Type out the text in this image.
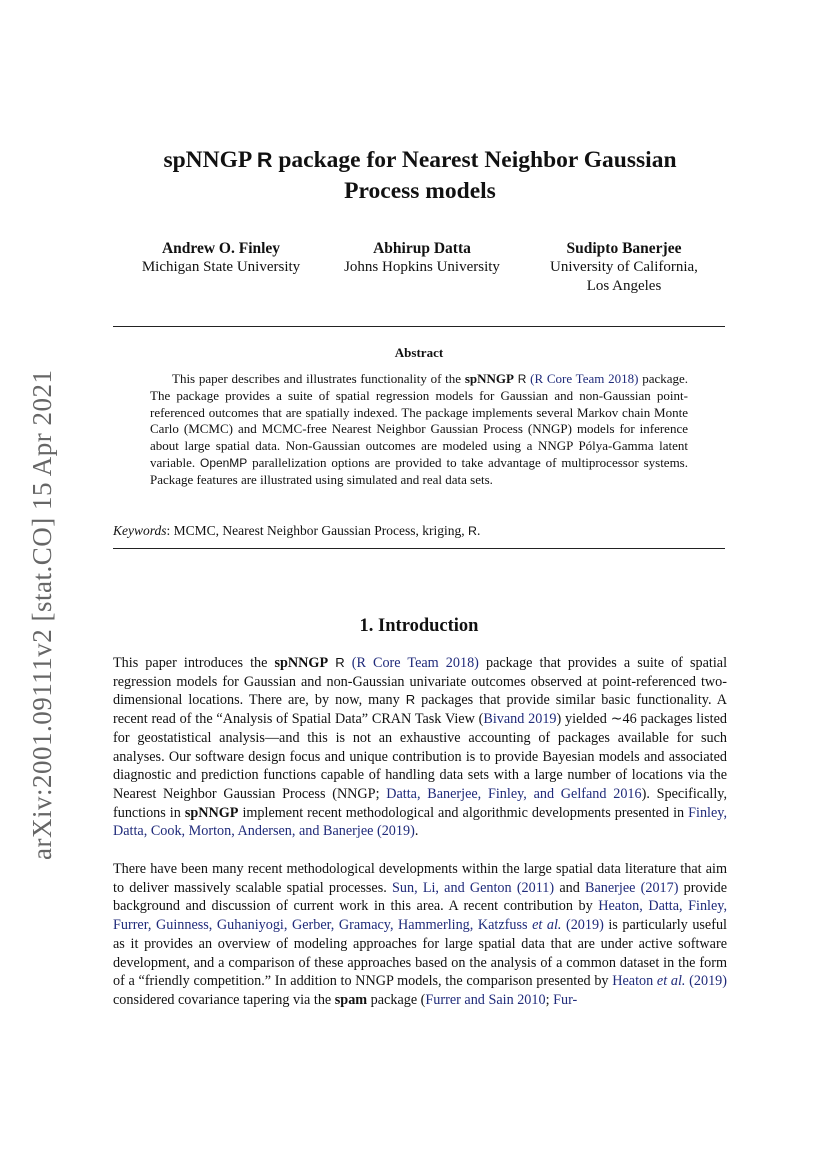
arXiv:2001.09111v2 [stat.CO] 15 Apr 2021
spNNGP R package for Nearest Neighbor Gaussian
Process models
Andrew O. Finley
Michigan State University
Abhirup Datta
Johns Hopkins University
Sudipto Banerjee
University of California,
Los Angeles
Abstract

This paper describes and illustrates functionality of the spNNGP R (R Core Team 2018) package. The package provides a suite of spatial regression models for Gaussian and non-Gaussian point-referenced outcomes that are spatially indexed. The package implements several Markov chain Monte Carlo (MCMC) and MCMC-free Nearest Neighbor Gaussian Process (NNGP) models for inference about large spatial data. Non-Gaussian outcomes are modeled using a NNGP Pólya-Gamma latent variable. OpenMP parallelization options are provided to take advantage of multiprocessor systems. Package features are illustrated using simulated and real data sets.

Keywords: MCMC, Nearest Neighbor Gaussian Process, kriging, R.
1. Introduction

This paper introduces the spNNGP R (R Core Team 2018) package that provides a suite of spatial regression models for Gaussian and non-Gaussian univariate outcomes observed at point-referenced two-dimensional locations. There are, by now, many R packages that provide similar basic functionality. A recent read of the “Analysis of Spatial Data” CRAN Task View (Bivand 2019) yielded ∼46 packages listed for geostatistical analysis—and this is not an exhaustive accounting of packages available for such analyses. Our software design focus and unique contribution is to provide Bayesian models and associated diagnostic and prediction functions capable of handling data sets with a large number of locations via the Nearest Neighbor Gaussian Process (NNGP; Datta, Banerjee, Finley, and Gelfand 2016). Specifically, functions in spNNGP implement recent methodological and algorithmic developments presented in Finley, Datta, Cook, Morton, Andersen, and Banerjee (2019).

There have been many recent methodological developments within the large spatial data literature that aim to deliver massively scalable spatial processes. Sun, Li, and Genton (2011) and Banerjee (2017) provide background and discussion of current work in this area. A recent contribution by Heaton, Datta, Finley, Furrer, Guinness, Guhaniyogi, Gerber, Gramacy, Hammerling, Katzfuss et al. (2019) is particularly useful as it provides an overview of modeling approaches for large spatial data that are under active software development, and a comparison of these approaches based on the analysis of a common dataset in the form of a “friendly competition.” In addition to NNGP models, the comparison presented by Heaton et al. (2019) considered covariance tapering via the spam package (Furrer and Sain 2010; Fur-
